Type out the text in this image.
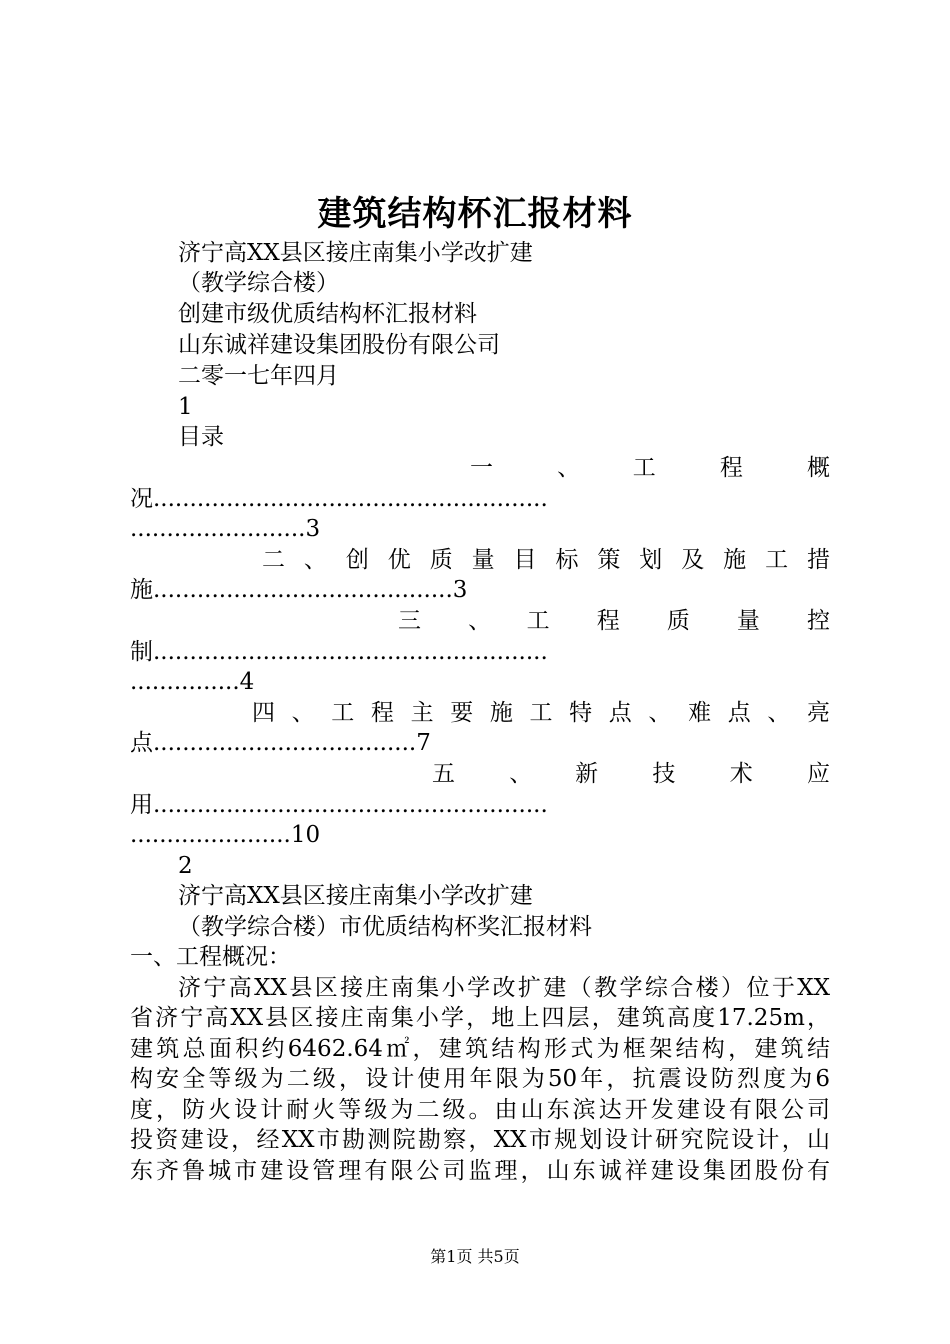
建筑结构杯汇报材料
济宁高XX县区接庄南集小学改扩建
（教学综合楼）
创建市级优质结构杯汇报材料
山东诚祥建设集团股份有限公司
二零一七年四月
1
目录
一　　、　　工　　程　　概
况......................................................
........................3
二 、 创 优 质 量 目 标 策 划 及 施 工 措
施.........................................3
三　　、　　工　　程　　质　　量　　控
制......................................................
...............4
四 、 工 程 主 要 施 工 特 点 、 难 点 、 亮
点....................................7
五　　、　　新　　技　　术　　应
用......................................................
......................10
2
济宁高XX县区接庄南集小学改扩建
（教学综合楼）市优质结构杯奖汇报材料
一、工程概况：
济宁高XX县区接庄南集小学改扩建（教学综合楼）位于XX
省济宁高XX县区接庄南集小学，地上四层，建筑高度17.25m，
建筑总面积约6462.64㎡，建筑结构形式为框架结构，建筑结
构安全等级为二级，设计使用年限为50年，抗震设防烈度为6
度，防火设计耐火等级为二级。由山东滨达开发建设有限公司
投资建设，经XX市勘测院勘察，XX市规划设计研究院设计，山
东齐鲁城市建设管理有限公司监理，山东诚祥建设集团股份有
第1页 共5页
